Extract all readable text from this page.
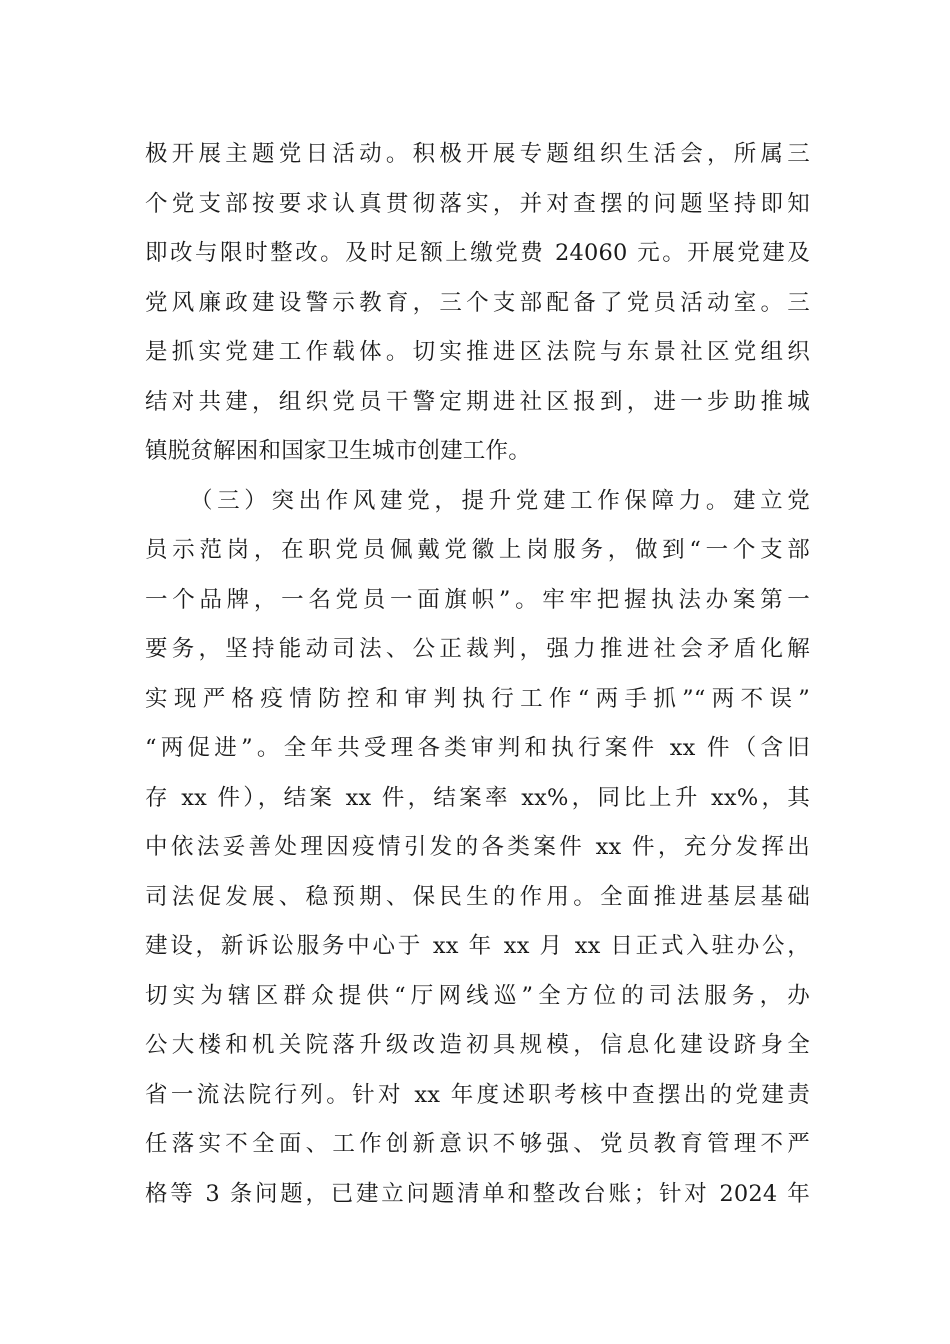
极开展主题党日活动。积极开展专题组织生活会，所属三
个党支部按要求认真贯彻落实，并对查摆的问题坚持即知
即改与限时整改。及时足额上缴党费 24060 元。开展党建及
党风廉政建设警示教育，三个支部配备了党员活动室。三
是抓实党建工作载体。切实推进区法院与东景社区党组织
结对共建，组织党员干警定期进社区报到，进一步助推城
镇脱贫解困和国家卫生城市创建工作。
（三）突出作风建党，提升党建工作保障力。建立党
员示范岗，在职党员佩戴党徽上岗服务，做到“一个支部
一个品牌，一名党员一面旗帜”。牢牢把握执法办案第一
要务，坚持能动司法、公正裁判，强力推进社会矛盾化解
实现严格疫情防控和审判执行工作“两手抓”“两不误”
“两促进”。全年共受理各类审判和执行案件 xx 件（含旧
存 xx 件），结案 xx 件，结案率 xx%，同比上升 xx%，其
中依法妥善处理因疫情引发的各类案件 xx 件，充分发挥出
司法促发展、稳预期、保民生的作用。全面推进基层基础
建设，新诉讼服务中心于 xx 年 xx 月 xx 日正式入驻办公，
切实为辖区群众提供“厅网线巡”全方位的司法服务，办
公大楼和机关院落升级改造初具规模，信息化建设跻身全
省一流法院行列。针对 xx 年度述职考核中查摆出的党建责
任落实不全面、工作创新意识不够强、党员教育管理不严
格等 3 条问题，已建立问题清单和整改台账；针对 2024 年
